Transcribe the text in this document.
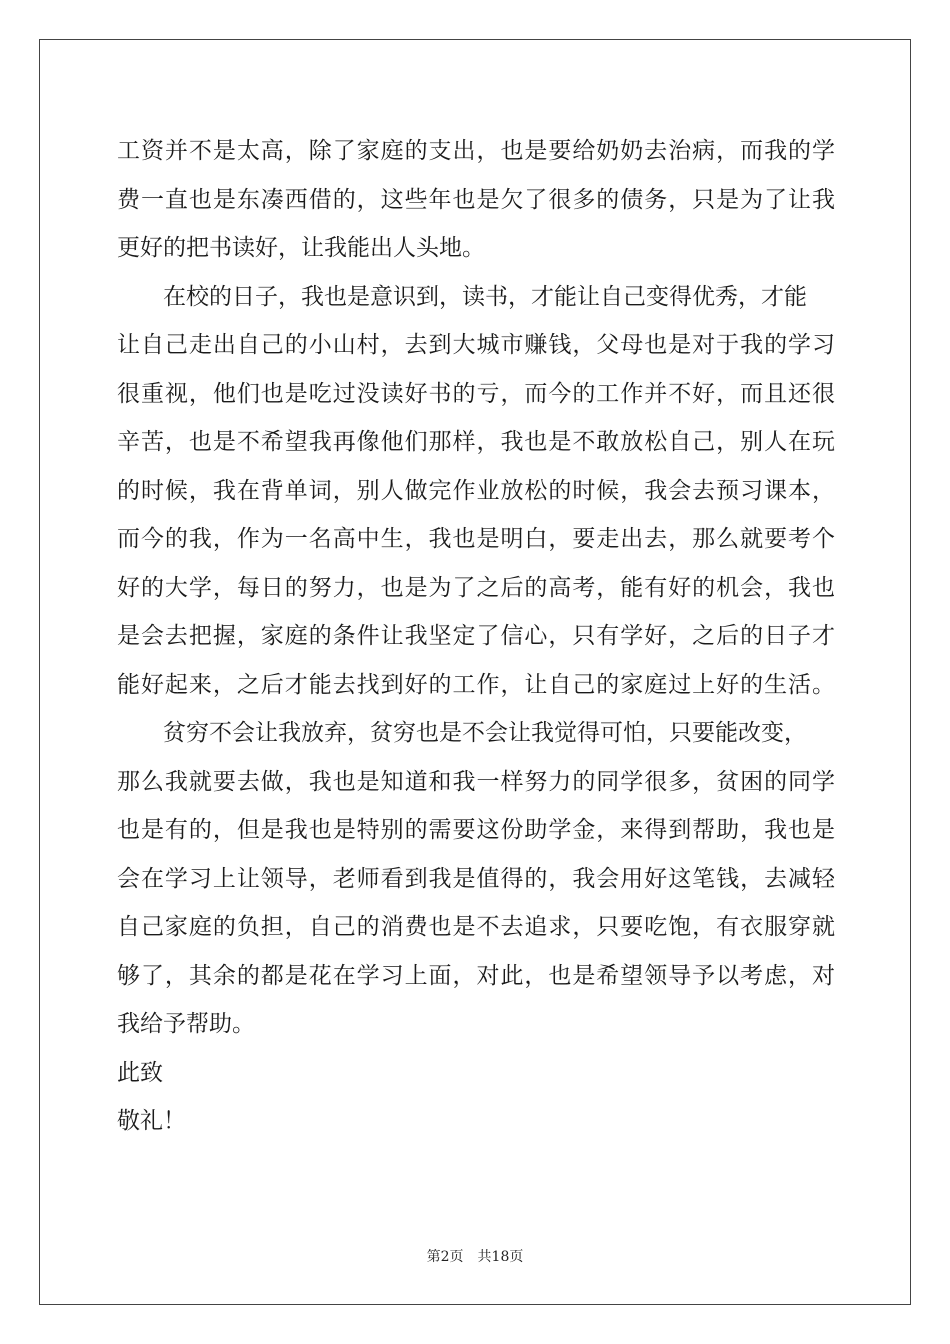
工资并不是太高，除了家庭的支出，也是要给奶奶去治病，而我的学
费一直也是东凑西借的，这些年也是欠了很多的债务，只是为了让我
更好的把书读好，让我能出人头地。
在校的日子，我也是意识到，读书，才能让自己变得优秀，才能
让自己走出自己的小山村，去到大城市赚钱，父母也是对于我的学习
很重视，他们也是吃过没读好书的亏，而今的工作并不好，而且还很
辛苦，也是不希望我再像他们那样，我也是不敢放松自己，别人在玩
的时候，我在背单词，别人做完作业放松的时候，我会去预习课本，
而今的我，作为一名高中生，我也是明白，要走出去，那么就要考个
好的大学，每日的努力，也是为了之后的高考，能有好的机会，我也
是会去把握，家庭的条件让我坚定了信心，只有学好，之后的日子才
能好起来，之后才能去找到好的工作，让自己的家庭过上好的生活。
贫穷不会让我放弃，贫穷也是不会让我觉得可怕，只要能改变，
那么我就要去做，我也是知道和我一样努力的同学很多，贫困的同学
也是有的，但是我也是特别的需要这份助学金，来得到帮助，我也是
会在学习上让领导，老师看到我是值得的，我会用好这笔钱，去减轻
自己家庭的负担，自己的消费也是不去追求，只要吃饱，有衣服穿就
够了，其余的都是花在学习上面，对此，也是希望领导予以考虑，对
我给予帮助。
此致
敬礼！
第2页 共18页
